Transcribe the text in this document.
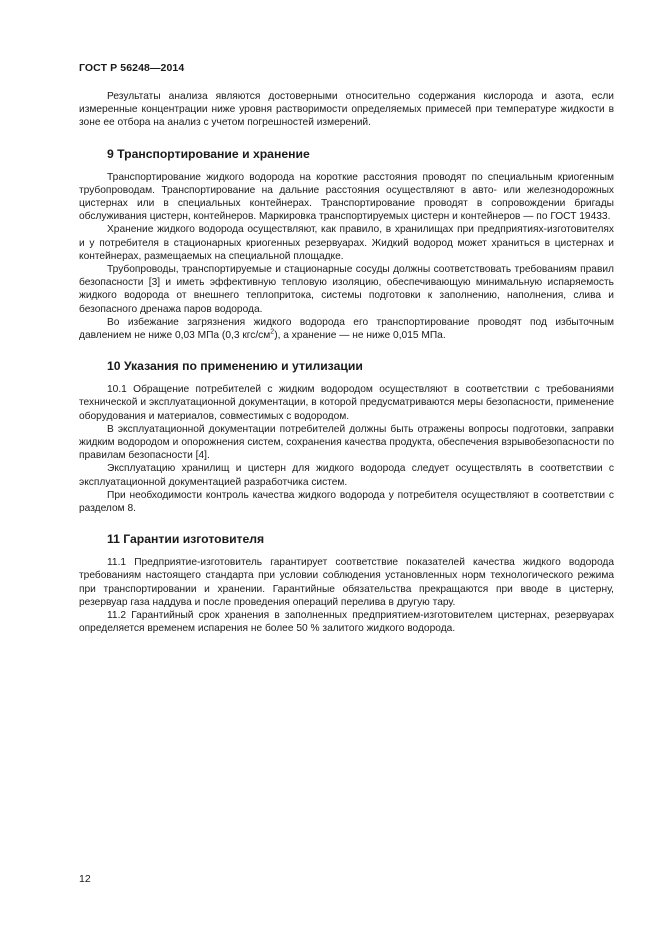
ГОСТ Р 56248—2014

Результаты анализа являются достоверными относительно содержания кислорода и азота, если измеренные концентрации ниже уровня растворимости определяемых примесей при температуре жидкости в зоне ее отбора на анализ с учетом погрешностей измерений.

9 Транспортирование и хранение

Транспортирование жидкого водорода на короткие расстояния проводят по специальным криогенным трубопроводам. Транспортирование на дальние расстояния осуществляют в авто- или железнодорожных цистернах или в специальных контейнерах. Транспортирование проводят в сопровождении бригады обслуживания цистерн, контейнеров. Маркировка транспортируемых цистерн и контейнеров — по ГОСТ 19433.

Хранение жидкого водорода осуществляют, как правило, в хранилищах при предприятиях-изготовителях и у потребителя в стационарных криогенных резервуарах. Жидкий водород может храниться в цистернах и контейнерах, размещаемых на специальной площадке.

Трубопроводы, транспортируемые и стационарные сосуды должны соответствовать требованиям правил безопасности [3] и иметь эффективную тепловую изоляцию, обеспечивающую минимальную испаряемость жидкого водорода от внешнего теплопритока, системы подготовки к заполнению, наполнения, слива и безопасного дренажа паров водорода.

Во избежание загрязнения жидкого водорода его транспортирование проводят под избыточным давлением не ниже 0,03 МПа (0,3 кгс/$см^2$), а хранение — не ниже 0,015 МПа.

10 Указания по применению и утилизации

10.1 Обращение потребителей с жидким водородом осуществляют в соответствии с требованиями технической и эксплуатационной документации, в которой предусматриваются меры безопасности, применение оборудования и материалов, совместимых с водородом.

В эксплуатационной документации потребителей должны быть отражены вопросы подготовки, заправки жидким водородом и опорожнения систем, сохранения качества продукта, обеспечения взрывобезопасности по правилам безопасности [4].

Эксплуатацию хранилищ и цистерн для жидкого водорода следует осуществлять в соответствии с эксплуатационной документацией разработчика систем.

При необходимости контроль качества жидкого водорода у потребителя осуществляют в соответствии с разделом 8.

11 Гарантии изготовителя

11.1 Предприятие-изготовитель гарантирует соответствие показателей качества жидкого водорода требованиям настоящего стандарта при условии соблюдения установленных норм технологического режима при транспортировании и хранении. Гарантийные обязательства прекращаются при вводе в цистерну, резервуар газа наддува и после проведения операций перелива в другую тару.

11.2 Гарантийный срок хранения в заполненных предприятием-изготовителем цистернах, резервуарах определяется временем испарения не более 50 % залитого жидкого водорода.

12
